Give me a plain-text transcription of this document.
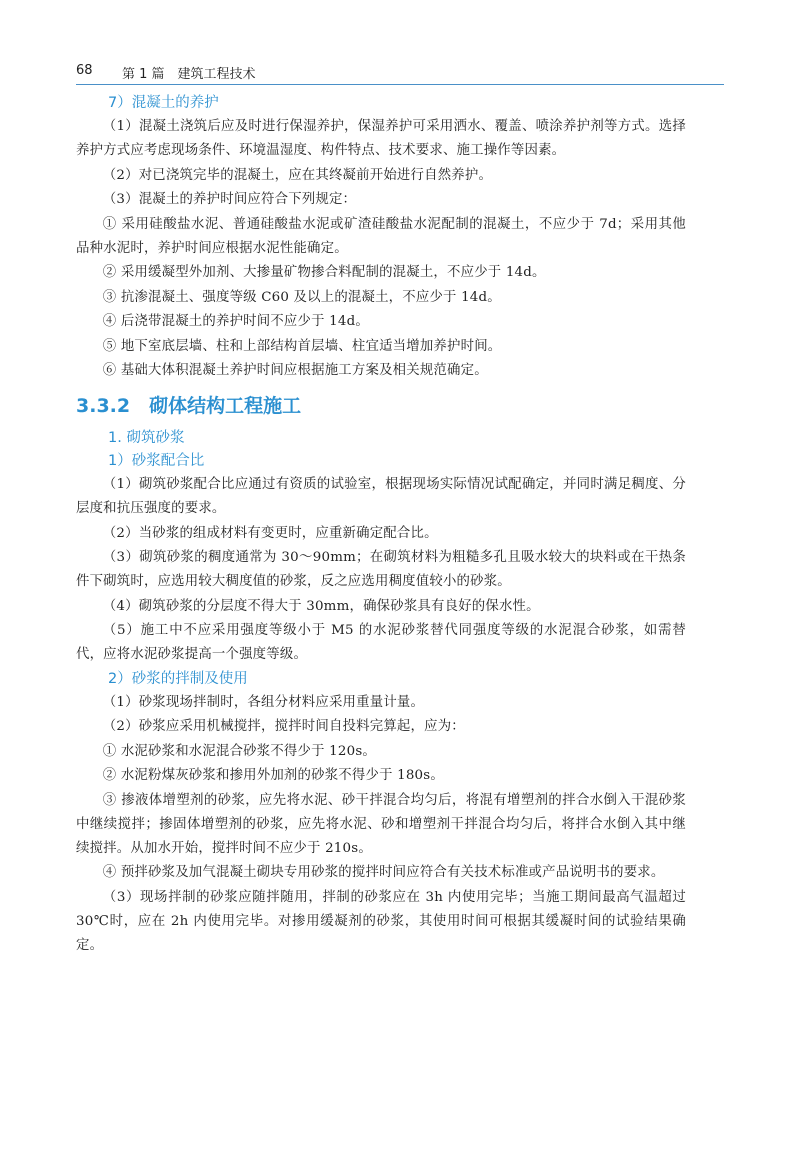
68 第 1 篇　建筑工程技术
7）混凝土的养护
（1）混凝土浇筑后应及时进行保湿养护，保湿养护可采用洒水、覆盖、喷涂养护剂等方式。选择养护方式应考虑现场条件、环境温湿度、构件特点、技术要求、施工操作等因素。
（2）对已浇筑完毕的混凝土，应在其终凝前开始进行自然养护。
（3）混凝土的养护时间应符合下列规定：
① 采用硅酸盐水泥、普通硅酸盐水泥或矿渣硅酸盐水泥配制的混凝土，不应少于 7d；采用其他品种水泥时，养护时间应根据水泥性能确定。
② 采用缓凝型外加剂、大掺量矿物掺合料配制的混凝土，不应少于 14d。
③ 抗渗混凝土、强度等级 C60 及以上的混凝土，不应少于 14d。
④ 后浇带混凝土的养护时间不应少于 14d。
⑤ 地下室底层墙、柱和上部结构首层墙、柱宜适当增加养护时间。
⑥ 基础大体积混凝土养护时间应根据施工方案及相关规范确定。
3.3.2　砌体结构工程施工
1. 砌筑砂浆
1）砂浆配合比
（1）砌筑砂浆配合比应通过有资质的试验室，根据现场实际情况试配确定，并同时满足稠度、分层度和抗压强度的要求。
（2）当砂浆的组成材料有变更时，应重新确定配合比。
（3）砌筑砂浆的稠度通常为 30～90mm；在砌筑材料为粗糙多孔且吸水较大的块料或在干热条件下砌筑时，应选用较大稠度值的砂浆，反之应选用稠度值较小的砂浆。
（4）砌筑砂浆的分层度不得大于 30mm，确保砂浆具有良好的保水性。
（5）施工中不应采用强度等级小于 M5 的水泥砂浆替代同强度等级的水泥混合砂浆，如需替代，应将水泥砂浆提高一个强度等级。
2）砂浆的拌制及使用
（1）砂浆现场拌制时，各组分材料应采用重量计量。
（2）砂浆应采用机械搅拌，搅拌时间自投料完算起，应为：
① 水泥砂浆和水泥混合砂浆不得少于 120s。
② 水泥粉煤灰砂浆和掺用外加剂的砂浆不得少于 180s。
③ 掺液体增塑剂的砂浆，应先将水泥、砂干拌混合均匀后，将混有增塑剂的拌合水倒入干混砂浆中继续搅拌；掺固体增塑剂的砂浆，应先将水泥、砂和增塑剂干拌混合均匀后，将拌合水倒入其中继续搅拌。从加水开始，搅拌时间不应少于 210s。
④ 预拌砂浆及加气混凝土砌块专用砂浆的搅拌时间应符合有关技术标准或产品说明书的要求。
（3）现场拌制的砂浆应随拌随用，拌制的砂浆应在 3h 内使用完毕；当施工期间最高气温超过 30℃时，应在 2h 内使用完毕。对掺用缓凝剂的砂浆，其使用时间可根据其缓凝时间的试验结果确定。
